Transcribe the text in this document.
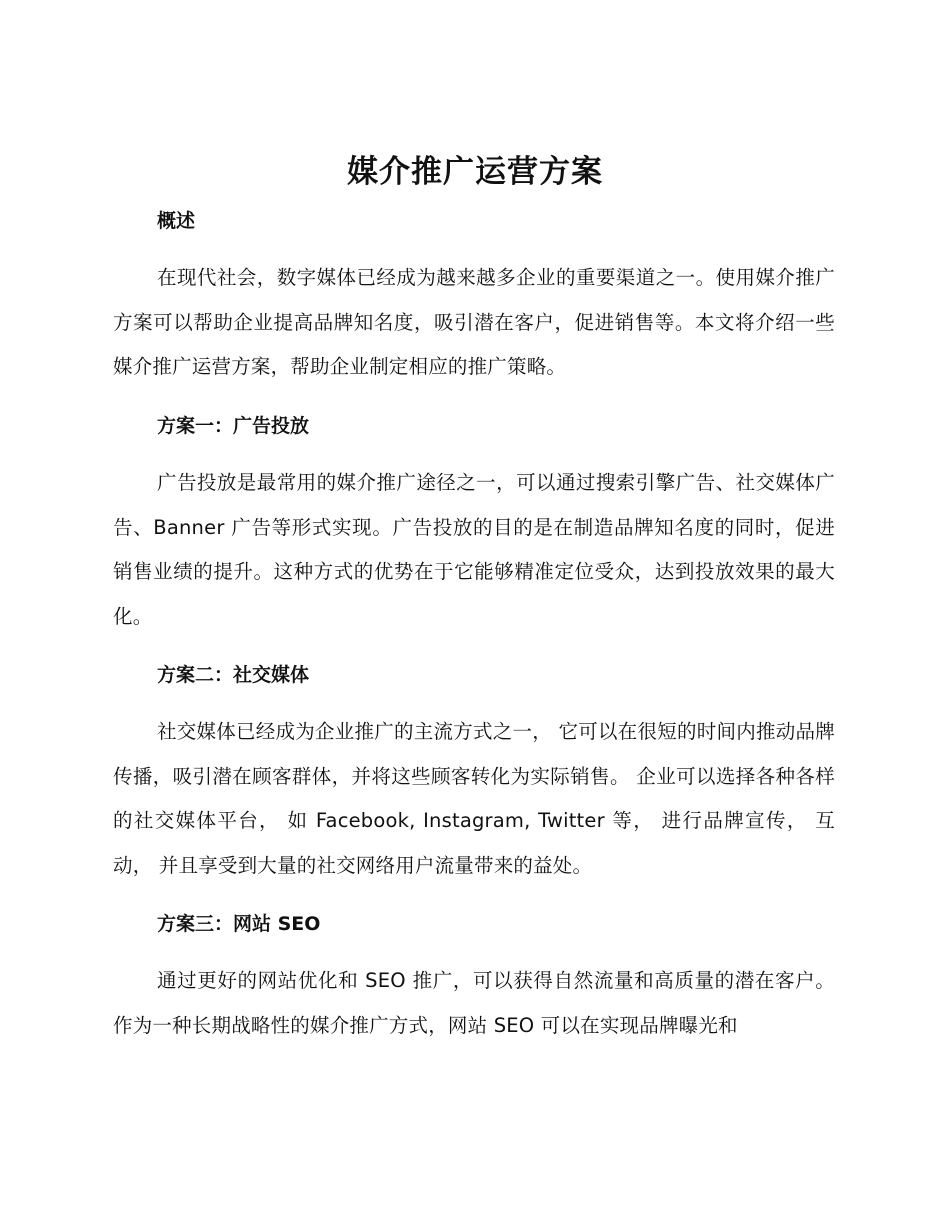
媒介推广运营方案
概述

在现代社会，数字媒体已经成为越来越多企业的重要渠道之一。使用媒介推广方案可以帮助企业提高品牌知名度，吸引潜在客户，促进销售等。本文将介绍一些媒介推广运营方案，帮助企业制定相应的推广策略。

方案一：广告投放

广告投放是最常用的媒介推广途径之一，可以通过搜索引擎广告、社交媒体广告、Banner 广告等形式实现。广告投放的目的是在制造品牌知名度的同时，促进销售业绩的提升。这种方式的优势在于它能够精准定位受众，达到投放效果的最大化。

方案二：社交媒体

社交媒体已经成为企业推广的主流方式之一， 它可以在很短的时间内推动品牌传播，吸引潜在顾客群体，并将这些顾客转化为实际销售。 企业可以选择各种各样的社交媒体平台， 如 Facebook, Instagram, Twitter 等， 进行品牌宣传， 互动， 并且享受到大量的社交网络用户流量带来的益处。

方案三：网站 SEO

通过更好的网站优化和 SEO 推广，可以获得自然流量和高质量的潜在客户。作为一种长期战略性的媒介推广方式，网站 SEO 可以在实现品牌曝光和
